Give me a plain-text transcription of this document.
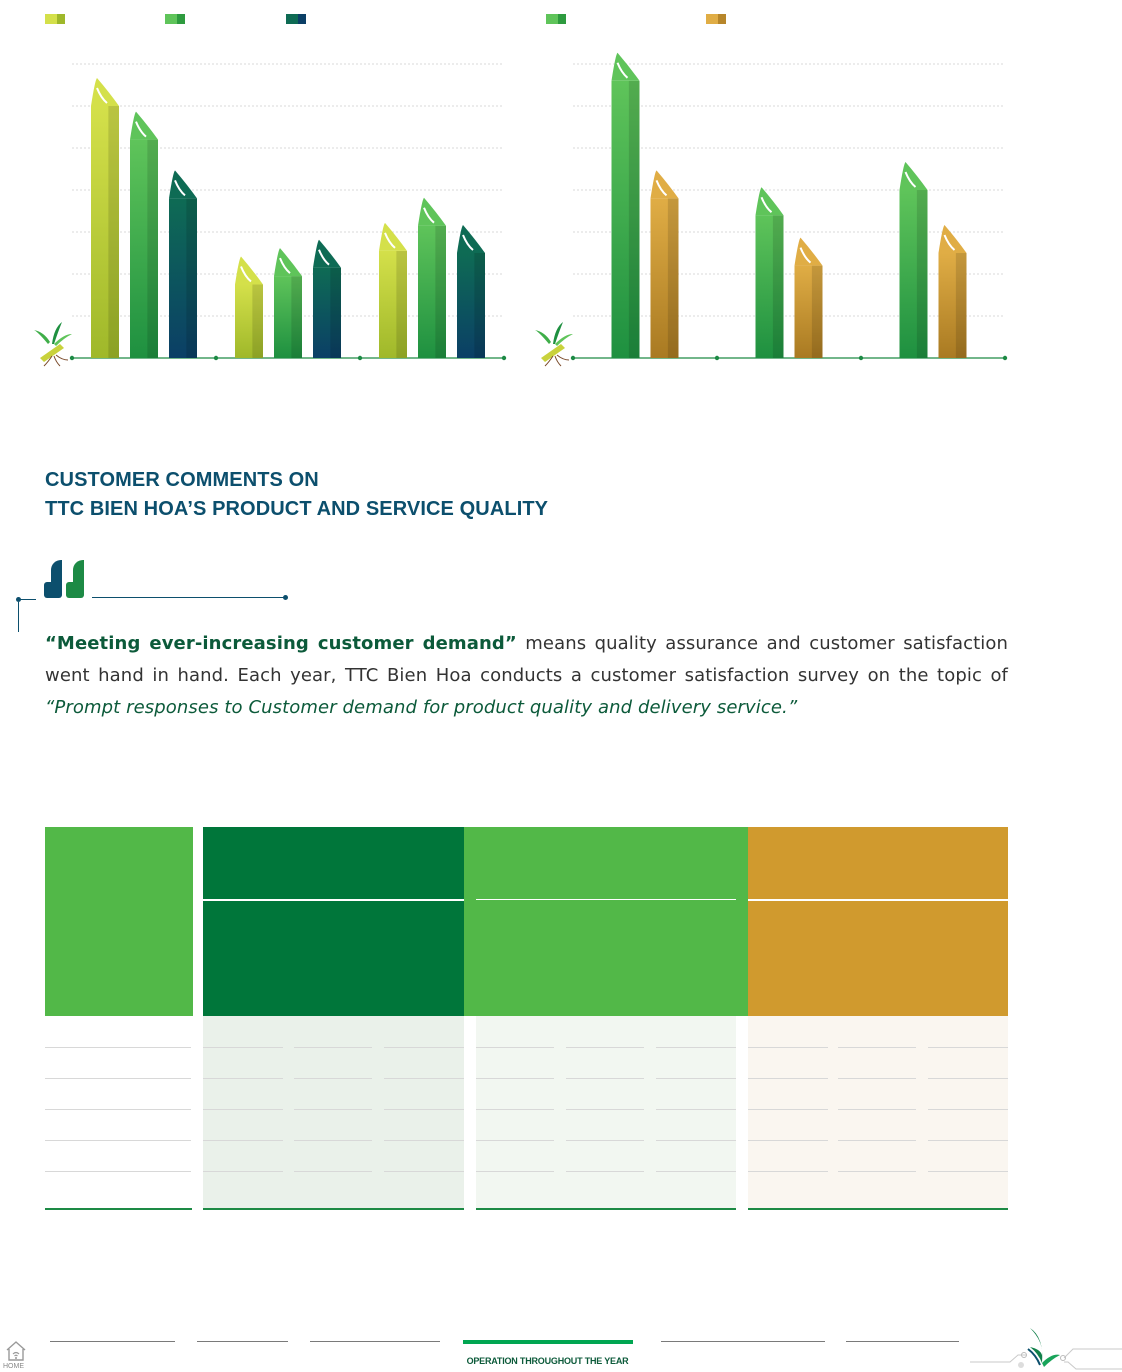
CUSTOMER COMMENTS ON
TTC BIEN HOA’S PRODUCT AND SERVICE QUALITY
“Meeting ever-increasing customer demand” means quality assurance and customer satisfaction went hand in hand. Each year, TTC Bien Hoa conducts a customer satisfaction survey on the topic of “Prompt responses to Customer demand for product quality and delivery service.”
HOME
OPERATION THROUGHOUT THE YEAR
